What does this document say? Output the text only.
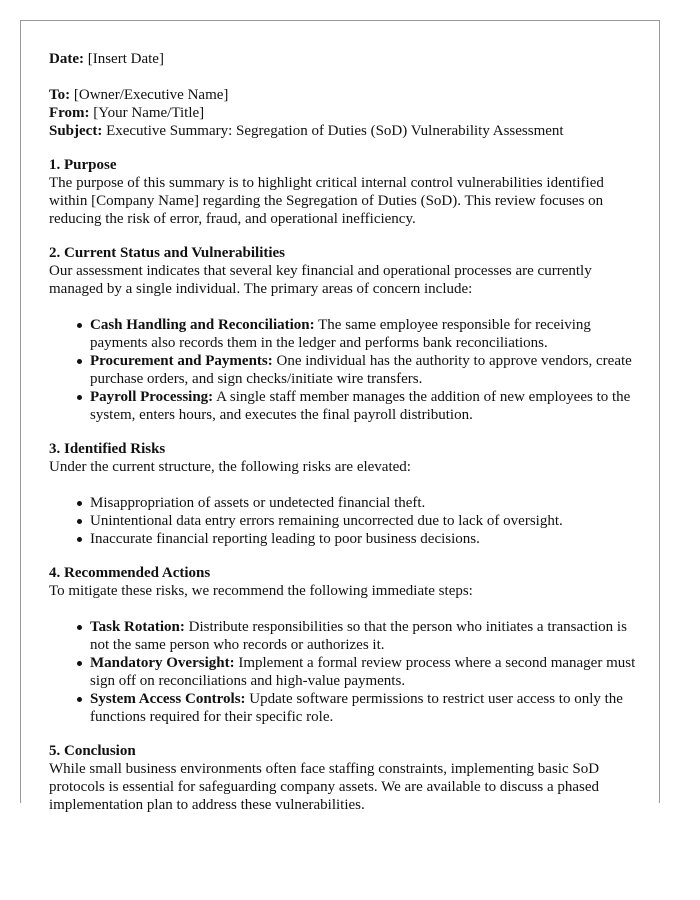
Date: [Insert Date]

To: [Owner/Executive Name]

From: [Your Name/Title]

Subject: Executive Summary: Segregation of Duties (SoD) Vulnerability Assessment

1. Purpose

The purpose of this summary is to highlight critical internal control vulnerabilities identified within [Company Name] regarding the Segregation of Duties (SoD). This review focuses on reducing the risk of error, fraud, and operational inefficiency.

2. Current Status and Vulnerabilities

Our assessment indicates that several key financial and operational processes are currently managed by a single individual. The primary areas of concern include:

Cash Handling and Reconciliation: The same employee responsible for receiving payments also records them in the ledger and performs bank reconciliations.
Procurement and Payments: One individual has the authority to approve vendors, create purchase orders, and sign checks/initiate wire transfers.
Payroll Processing: A single staff member manages the addition of new employees to the system, enters hours, and executes the final payroll distribution.
3. Identified Risks

Under the current structure, the following risks are elevated:

Misappropriation of assets or undetected financial theft.
Unintentional data entry errors remaining uncorrected due to lack of oversight.
Inaccurate financial reporting leading to poor business decisions.
4. Recommended Actions

To mitigate these risks, we recommend the following immediate steps:

Task Rotation: Distribute responsibilities so that the person who initiates a transaction is not the same person who records or authorizes it.
Mandatory Oversight: Implement a formal review process where a second manager must sign off on reconciliations and high-value payments.
System Access Controls: Update software permissions to restrict user access to only the functions required for their specific role.
5. Conclusion

While small business environments often face staffing constraints, implementing basic SoD protocols is essential for safeguarding company assets. We are available to discuss a phased implementation plan to address these vulnerabilities.
